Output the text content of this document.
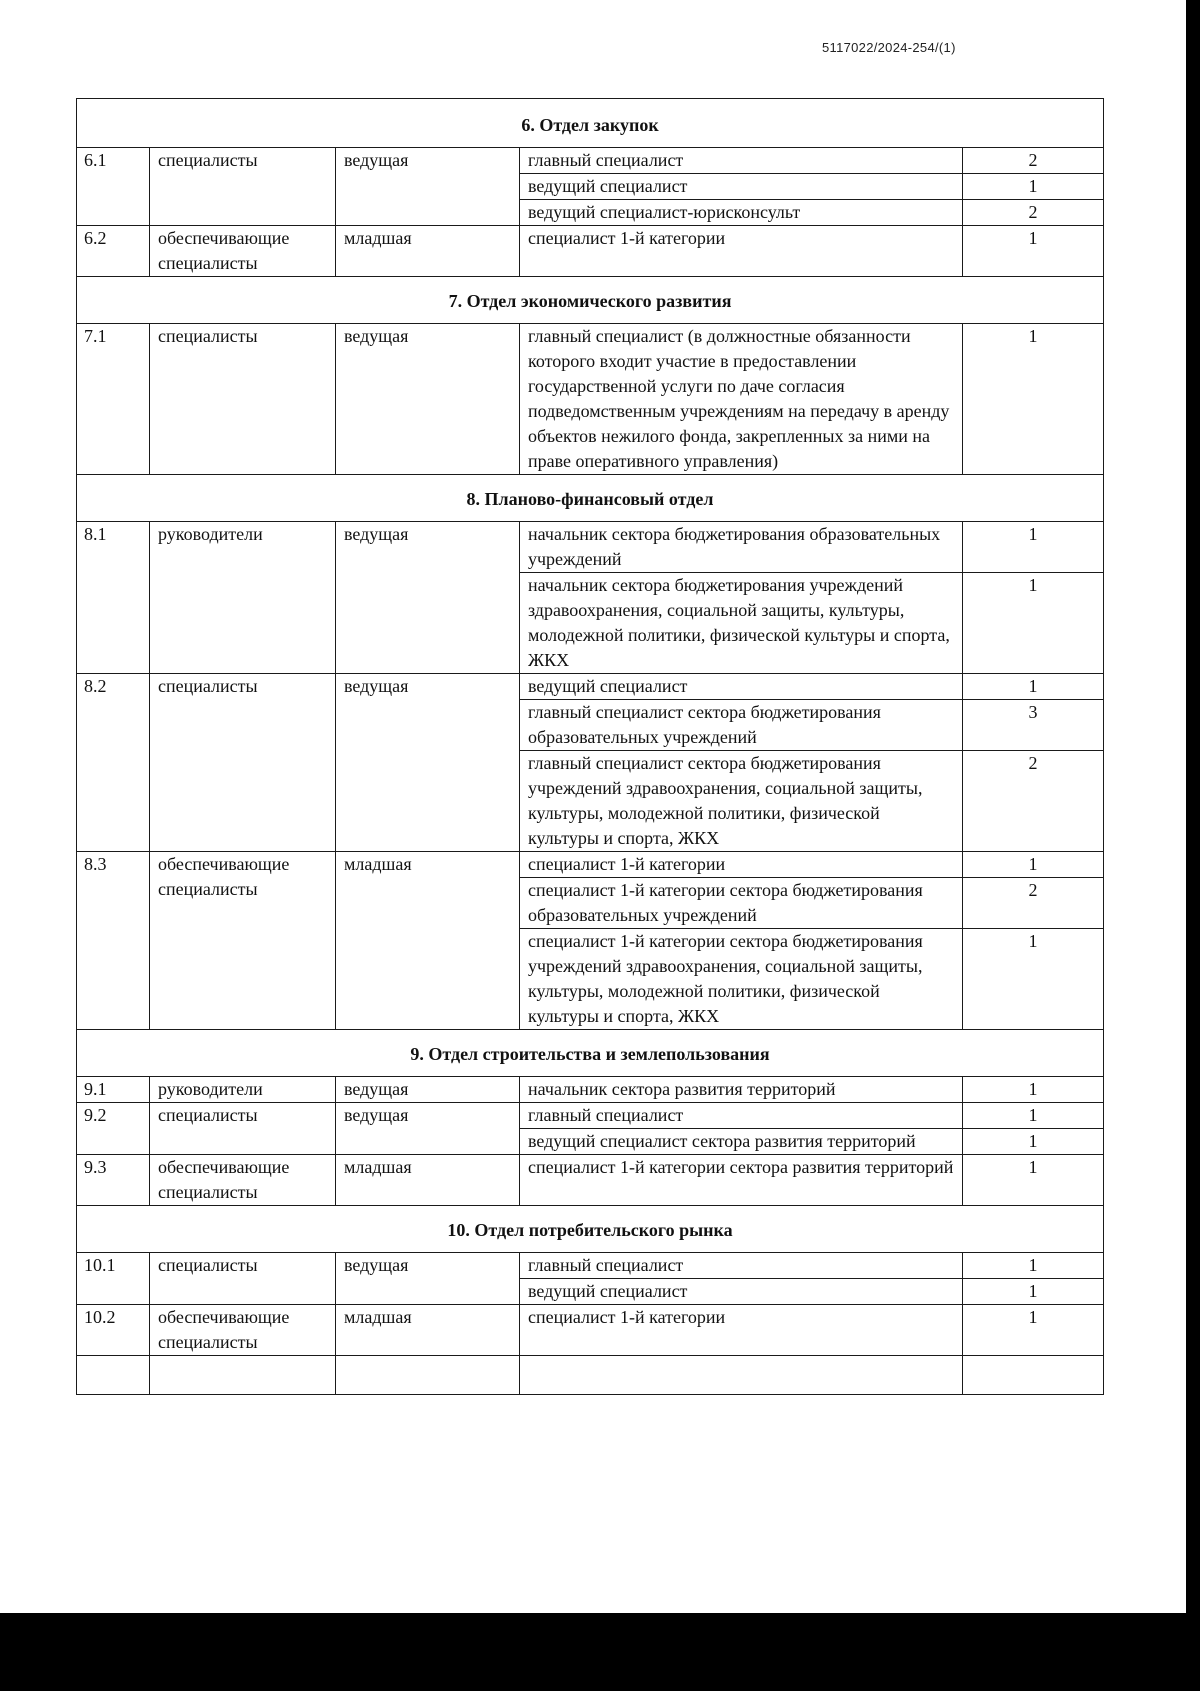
5117022/2024-254/(1)
6. Отдел закупок				
6.1	специалисты	ведущая	главный специалист	2
			ведущий специалист	1
			ведущий специалист-юрисконсульт	2
6.2	обеспечивающие специалисты	младшая	специалист 1-й категории	1
7. Отдел экономического развития				
7.1	специалисты	ведущая	главный специалист (в должностные обязанности которого входит участие в предоставлении государственной услуги по даче согласия подведомственным учреждениям на передачу в аренду объектов нежилого фонда, закрепленных за ними на праве оперативного управления)	1
8. Планово-финансовый отдел				
8.1	руководители	ведущая	начальник сектора бюджетирования образовательных учреждений	1
			начальник сектора бюджетирования учреждений здравоохранения, социальной защиты, культуры, молодежной политики, физической культуры и спорта, ЖКХ	1
8.2	специалисты	ведущая	ведущий специалист	1
			главный специалист сектора бюджетирования образовательных учреждений	3
			главный специалист сектора бюджетирования учреждений здравоохранения, социальной защиты, культуры, молодежной политики, физической культуры и спорта, ЖКХ	2
8.3	обеспечивающие специалисты	младшая	специалист 1-й категории	1
			специалист 1-й категории сектора бюджетирования образовательных учреждений	2
			специалист 1-й категории сектора бюджетирования учреждений здравоохранения, социальной защиты, культуры, молодежной политики, физической культуры и спорта, ЖКХ	1
9. Отдел строительства и землепользования				
9.1	руководители	ведущая	начальник сектора развития территорий	1
9.2	специалисты	ведущая	главный специалист	1
			ведущий специалист сектора развития территорий	1
9.3	обеспечивающие специалисты	младшая	специалист 1-й категории сектора развития территорий	1
10. Отдел потребительского рынка				
10.1	специалисты	ведущая	главный специалист	1
			ведущий специалист	1
10.2	обеспечивающие специалисты	младшая	специалист 1-й категории	1
